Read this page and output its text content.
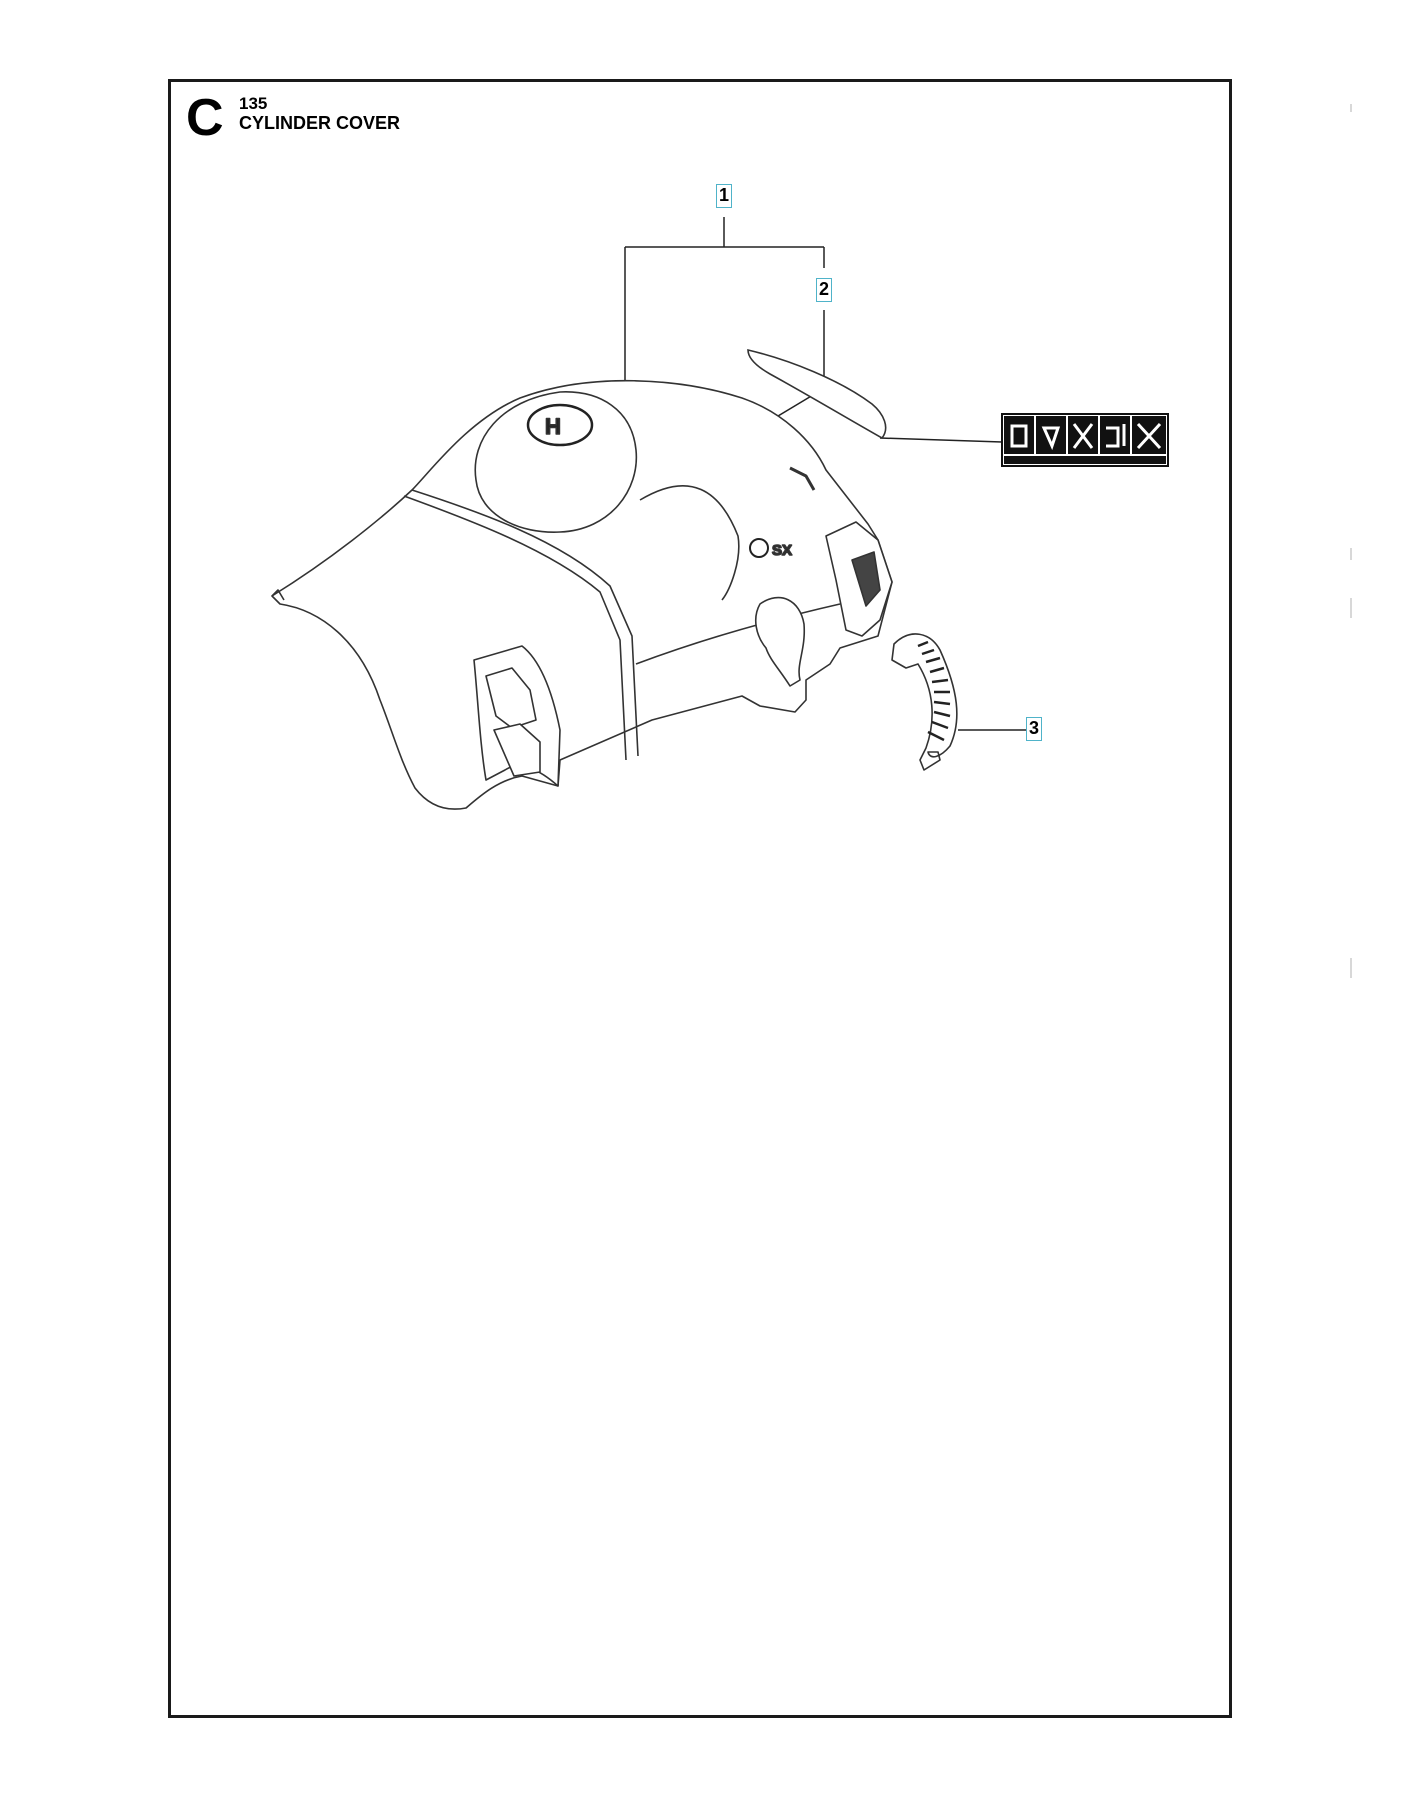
C 135
CYLINDER COVER
H
SX
1
2
3
